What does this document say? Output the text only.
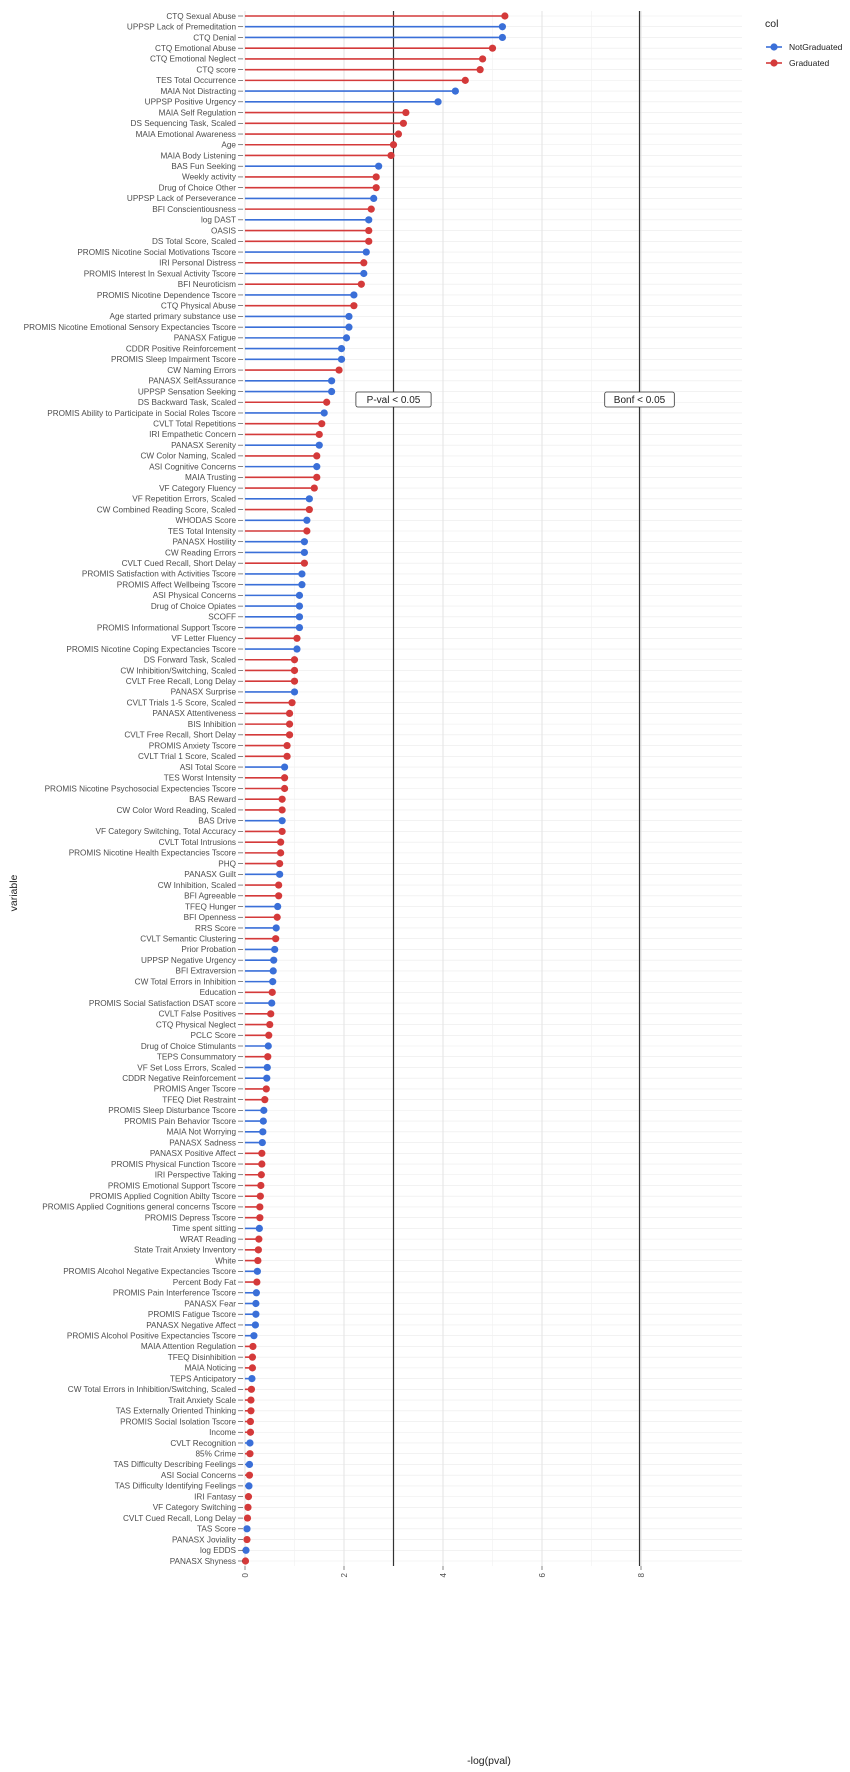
CTQ Sexual Abuse
UPPSP Lack of Premeditation
CTQ Denial
CTQ Emotional Abuse
CTQ Emotional Neglect
CTQ score
TES Total Occurrence
MAIA Not Distracting
UPPSP Positive Urgency
MAIA Self Regulation
DS Sequencing Task, Scaled
MAIA Emotional Awareness
Age
MAIA Body Listening
BAS Fun Seeking
Weekly activity
Drug of Choice Other
UPPSP Lack of Perseverance
BFI Conscientiousness
log DAST
OASIS
DS Total Score, Scaled
PROMIS Nicotine Social Motivations Tscore
IRI Personal Distress
PROMIS Interest In Sexual Activity Tscore
BFI Neuroticism
PROMIS Nicotine Dependence Tscore
CTQ Physical Abuse
Age started primary substance use
PROMIS Nicotine Emotional Sensory Expectancies Tscore
PANASX Fatigue
CDDR Positive Reinforcement
PROMIS Sleep Impairment Tscore
CW Naming Errors
PANASX SelfAssurance
UPPSP Sensation Seeking
DS Backward Task, Scaled
PROMIS Ability to Participate in Social Roles Tscore
CVLT Total Repetitions
IRI Empathetic Concern
PANASX Serenity
CW Color Naming, Scaled
ASI Cognitive Concerns
MAIA Trusting
VF Category Fluency
VF Repetition Errors, Scaled
CW Combined Reading Score, Scaled
WHODAS Score
TES Total Intensity
PANASX Hostility
CW Reading Errors
CVLT Cued Recall, Short Delay
PROMIS Satisfaction with Activities Tscore
PROMIS Affect Wellbeing Tscore
ASI Physical Concerns
Drug of Choice Opiates
SCOFF
PROMIS Informational Support Tscore
VF Letter Fluency
PROMIS Nicotine Coping Expectancies Tscore
DS Forward Task, Scaled
CW Inhibition/Switching, Scaled
CVLT Free Recall, Long Delay
PANASX Surprise
CVLT Trials 1-5 Score, Scaled
PANASX Attentiveness
BIS Inhibition
CVLT Free Recall, Short Delay
PROMIS Anxiety Tscore
CVLT Trial 1 Score, Scaled
ASI Total Score
TES Worst Intensity
PROMIS Nicotine Psychosocial Expectencies Tscore
BAS Reward
CW Color Word Reading, Scaled
BAS Drive
VF Category Switching, Total Accuracy
CVLT Total Intrusions
PROMIS Nicotine Health Expectancies Tscore
PHQ
PANASX Guilt
CW Inhibition, Scaled
BFI Agreeable
TFEQ Hunger
BFI Openness
RRS Score
CVLT Semantic Clustering
Prior Probation
UPPSP Negative Urgency
BFI Extraversion
CW Total Errors in Inhibition
Education
PROMIS Social Satisfaction DSAT score
CVLT False Positives
CTQ Physical Neglect
PCLC Score
Drug of Choice Stimulants
TEPS Consummatory
VF Set Loss Errors, Scaled
CDDR Negative Reinforcement
PROMIS Anger Tscore
TFEQ Diet Restraint
PROMIS Sleep Disturbance Tscore
PROMIS Pain Behavior Tscore
MAIA Not Worrying
PANASX Sadness
PANASX Positive Affect
PROMIS Physical Function Tscore
IRI Perspective Taking
PROMIS Emotional Support Tscore
PROMIS Applied Cognition Abilty Tscore
PROMIS Applied Cognitions general concerns Tscore
PROMIS Depress Tscore
Time spent sitting
WRAT Reading
State Trait Anxiety Inventory
White
PROMIS Alcohol Negative Expectancies Tscore
Percent Body Fat
PROMIS Pain Interference Tscore
PANASX Fear
PROMIS Fatigue Tscore
PANASX Negative Affect
PROMIS Alcohol Positive Expectancies Tscore
MAIA Attention Regulation
TFEQ Disinhibition
MAIA Noticing
TEPS Anticipatory
CW Total Errors in Inhibition/Switching, Scaled
Trait Anxiety Scale
TAS Externally Oriented Thinking
PROMIS Social Isolation Tscore
Income
CVLT Recognition
85% Crime
TAS Difficulty Describing Feelings
ASI Social Concerns
TAS Difficulty Identifying Feelings
IRI Fantasy
VF Category Switching
CVLT Cued Recall, Long Delay
TAS Score
PANASX Joviality
log EDDS
PANASX Shyness
0	2	4	6	8
P-val < 0.05	Bonf < 0.05
-log(pval)
variable
col
NotGraduated
Graduated
